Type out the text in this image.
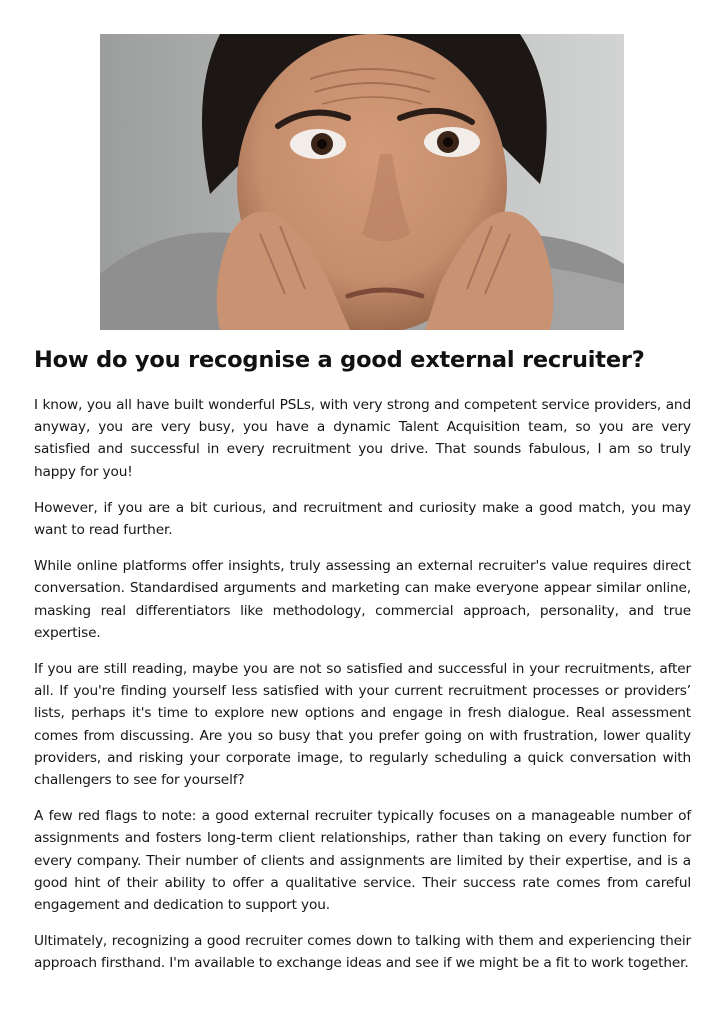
How do you recognise a good external recruiter?

I know, you all have built wonderful PSLs, with very strong and competent service providers, and anyway, you are very busy, you have a dynamic Talent Acquisition team, so you are very satisfied and successful in every recruitment you drive. That sounds fabulous, I am so truly happy for you!

However, if you are a bit curious, and recruitment and curiosity make a good match, you may want to read further.

While online platforms offer insights, truly assessing an external recruiter's value requires direct conversation. Standardised arguments and marketing can make everyone appear similar online, masking real differentiators like methodology, commercial approach, personality, and true expertise.

If you are still reading, maybe you are not so satisfied and successful in your recruitments, after all. If you're finding yourself less satisfied with your current recruitment processes or providers’ lists, perhaps it's time to explore new options and engage in fresh dialogue. Real assessment comes from discussing. Are you so busy that you prefer going on with frustration, lower quality providers, and risking your corporate image, to regularly scheduling a quick conversation with challengers to see for yourself?

A few red flags to note: a good external recruiter typically focuses on a manageable number of assignments and fosters long-term client relationships, rather than taking on every function for every company. Their number of clients and assignments are limited by their expertise, and is a good hint of their ability to offer a qualitative service. Their success rate comes from careful engagement and dedication to support you.

Ultimately, recognizing a good recruiter comes down to talking with them and experiencing their approach firsthand. I'm available to exchange ideas and see if we might be a fit to work together.
